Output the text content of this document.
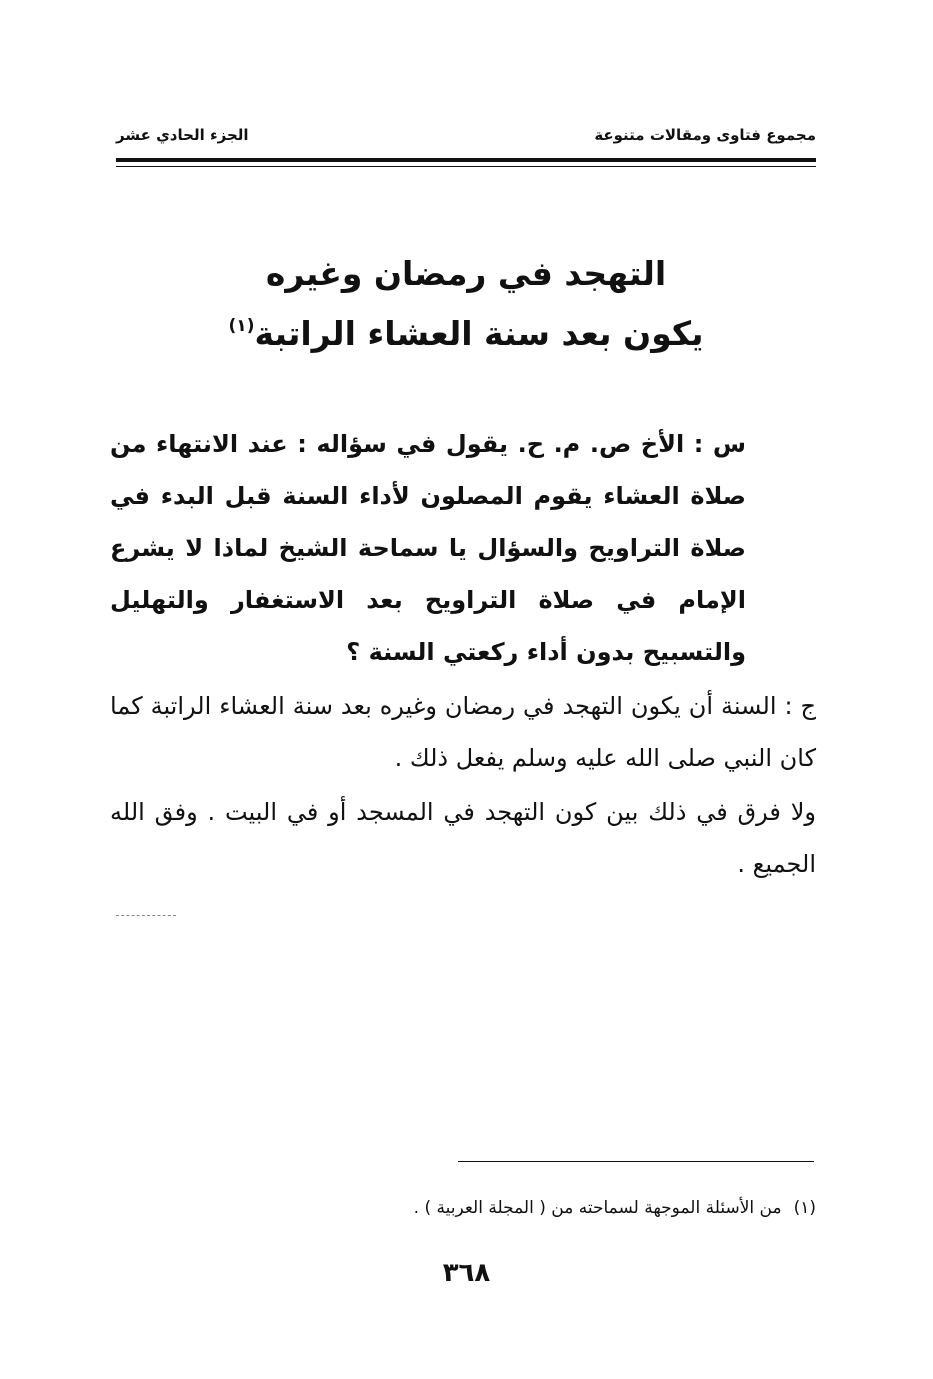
مجموع فتاوى ومقالات متنوعة
الجزء الحادي عشر
التهجد في رمضان وغيره
يكون بعد سنة العشاء الراتبة$^{(١)}$

س : الأخ ص. م. ح. يقول في سؤاله : عند الانتهاء من صلاة العشاء يقوم المصلون لأداء السنة قبل البدء في صلاة التراويح والسؤال يا سماحة الشيخ لماذا لا يشرع الإمام في صلاة التراويح بعد الاستغفار والتهليل والتسبيح بدون أداء ركعتي السنة ؟

ج : السنة أن يكون التهجد في رمضان وغيره بعد سنة العشاء الراتبة كما كان النبي صلى الله عليه وسلم يفعل ذلك .

ولا فرق في ذلك بين كون التهجد في المسجد أو في البيت . وفق الله الجميع .

(١)من الأسئلة الموجهة لسماحته من ( المجلة العربية ) .
٣٦٨
